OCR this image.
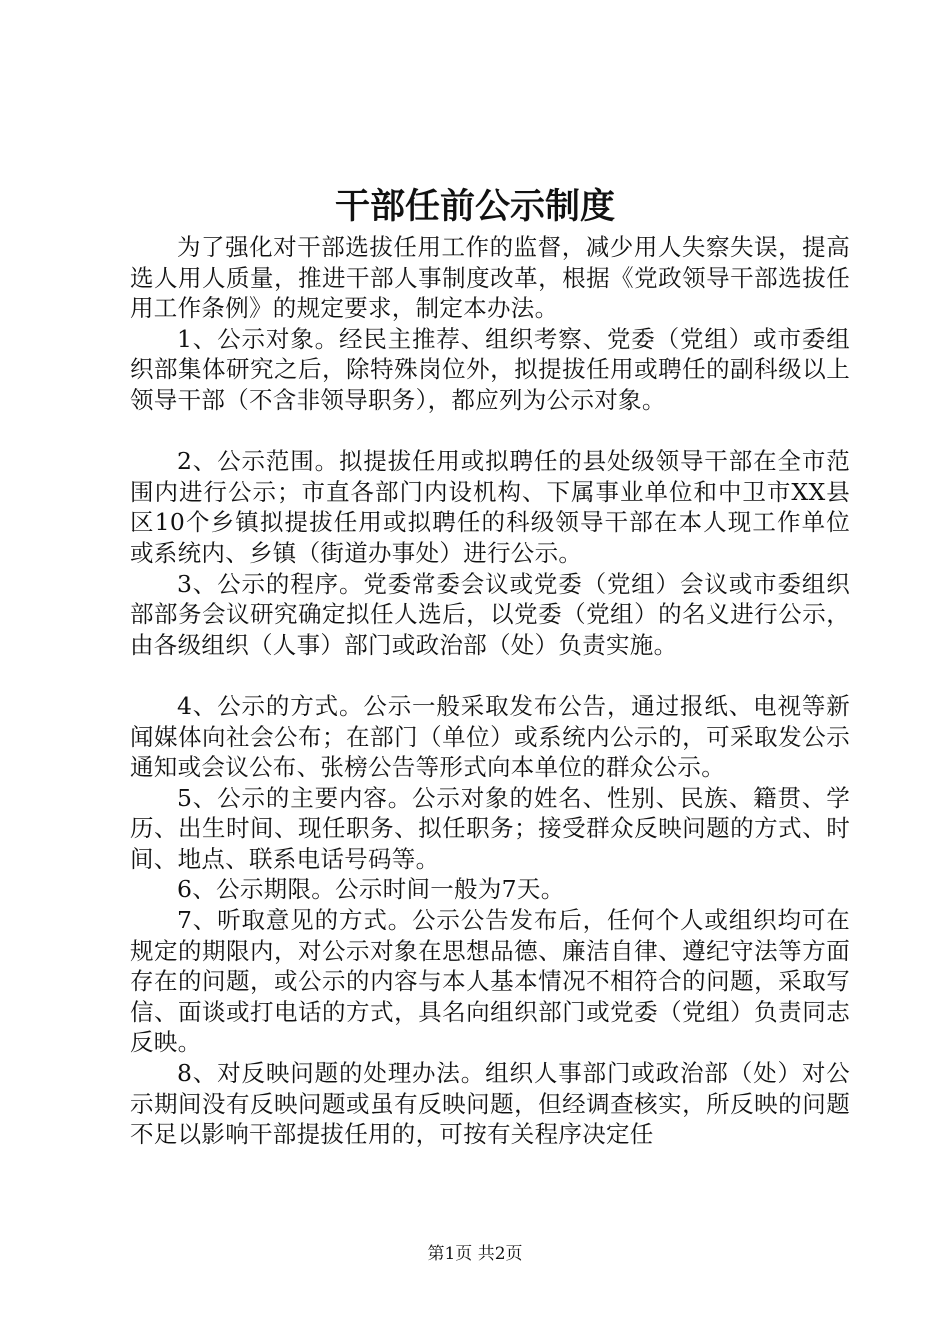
干部任前公示制度

为了强化对干部选拔任用工作的监督，减少用人失察失误，提高选人用人质量，推进干部人事制度改革，根据《党政领导干部选拔任用工作条例》的规定要求，制定本办法。

1、公示对象。经民主推荐、组织考察、党委（党组）或市委组织部集体研究之后，除特殊岗位外，拟提拔任用或聘任的副科级以上领导干部（不含非领导职务），都应列为公示对象。

2、公示范围。拟提拔任用或拟聘任的县处级领导干部在全市范围内进行公示；市直各部门内设机构、下属事业单位和中卫市XX县区10个乡镇拟提拔任用或拟聘任的科级领导干部在本人现工作单位或系统内、乡镇（街道办事处）进行公示。

3、公示的程序。党委常委会议或党委（党组）会议或市委组织部部务会议研究确定拟任人选后，以党委（党组）的名义进行公示，由各级组织（人事）部门或政治部（处）负责实施。

4、公示的方式。公示一般采取发布公告，通过报纸、电视等新闻媒体向社会公布；在部门（单位）或系统内公示的，可采取发公示通知或会议公布、张榜公告等形式向本单位的群众公示。

5、公示的主要内容。公示对象的姓名、性别、民族、籍贯、学历、出生时间、现任职务、拟任职务；接受群众反映问题的方式、时间、地点、联系电话号码等。

6、公示期限。公示时间一般为7天。

7、听取意见的方式。公示公告发布后，任何个人或组织均可在规定的期限内，对公示对象在思想品德、廉洁自律、遵纪守法等方面存在的问题，或公示的内容与本人基本情况不相符合的问题，采取写信、面谈或打电话的方式，具名向组织部门或党委（党组）负责同志反映。

8、对反映问题的处理办法。组织人事部门或政治部（处）对公示期间没有反映问题或虽有反映问题，但经调查核实，所反映的问题不足以影响干部提拔任用的，可按有关程序决定任

第1页 共2页
